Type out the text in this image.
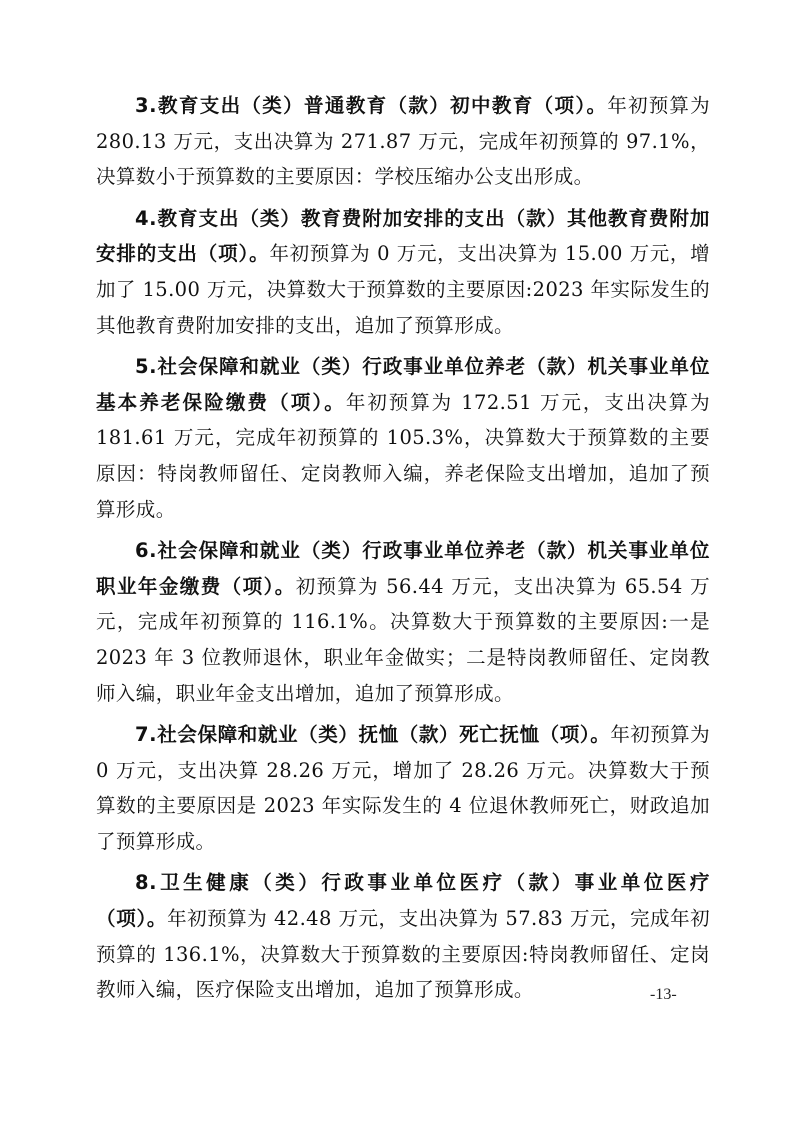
3.教育支出（类）普通教育（款）初中教育（项）。年初预算为 280.13 万元，支出决算为 271.87 万元，完成年初预算的 97.1%，决算数小于预算数的主要原因：学校压缩办公支出形成。

4.教育支出（类）教育费附加安排的支出（款）其他教育费附加安排的支出（项）。年初预算为 0 万元，支出决算为 15.00 万元，增加了 15.00 万元，决算数大于预算数的主要原因:2023 年实际发生的其他教育费附加安排的支出，追加了预算形成。

5.社会保障和就业（类）行政事业单位养老（款）机关事业单位基本养老保险缴费（项）。年初预算为 172.51 万元，支出决算为 181.61 万元，完成年初预算的 105.3%，决算数大于预算数的主要原因：特岗教师留任、定岗教师入编，养老保险支出增加，追加了预算形成。

6.社会保障和就业（类）行政事业单位养老（款）机关事业单位职业年金缴费（项）。初预算为 56.44 万元，支出决算为 65.54 万元，完成年初预算的 116.1%。决算数大于预算数的主要原因:一是 2023 年 3 位教师退休，职业年金做实；二是特岗教师留任、定岗教师入编，职业年金支出增加，追加了预算形成。

7.社会保障和就业（类）抚恤（款）死亡抚恤（项）。年初预算为 0 万元，支出决算 28.26 万元，增加了 28.26 万元。决算数大于预算数的主要原因是 2023 年实际发生的 4 位退休教师死亡，财政追加了预算形成。

8.卫生健康（类）行政事业单位医疗（款）事业单位医疗（项）。年初预算为 42.48 万元，支出决算为 57.83 万元，完成年初预算的 136.1%，决算数大于预算数的主要原因:特岗教师留任、定岗教师入编，医疗保险支出增加，追加了预算形成。	-13-
